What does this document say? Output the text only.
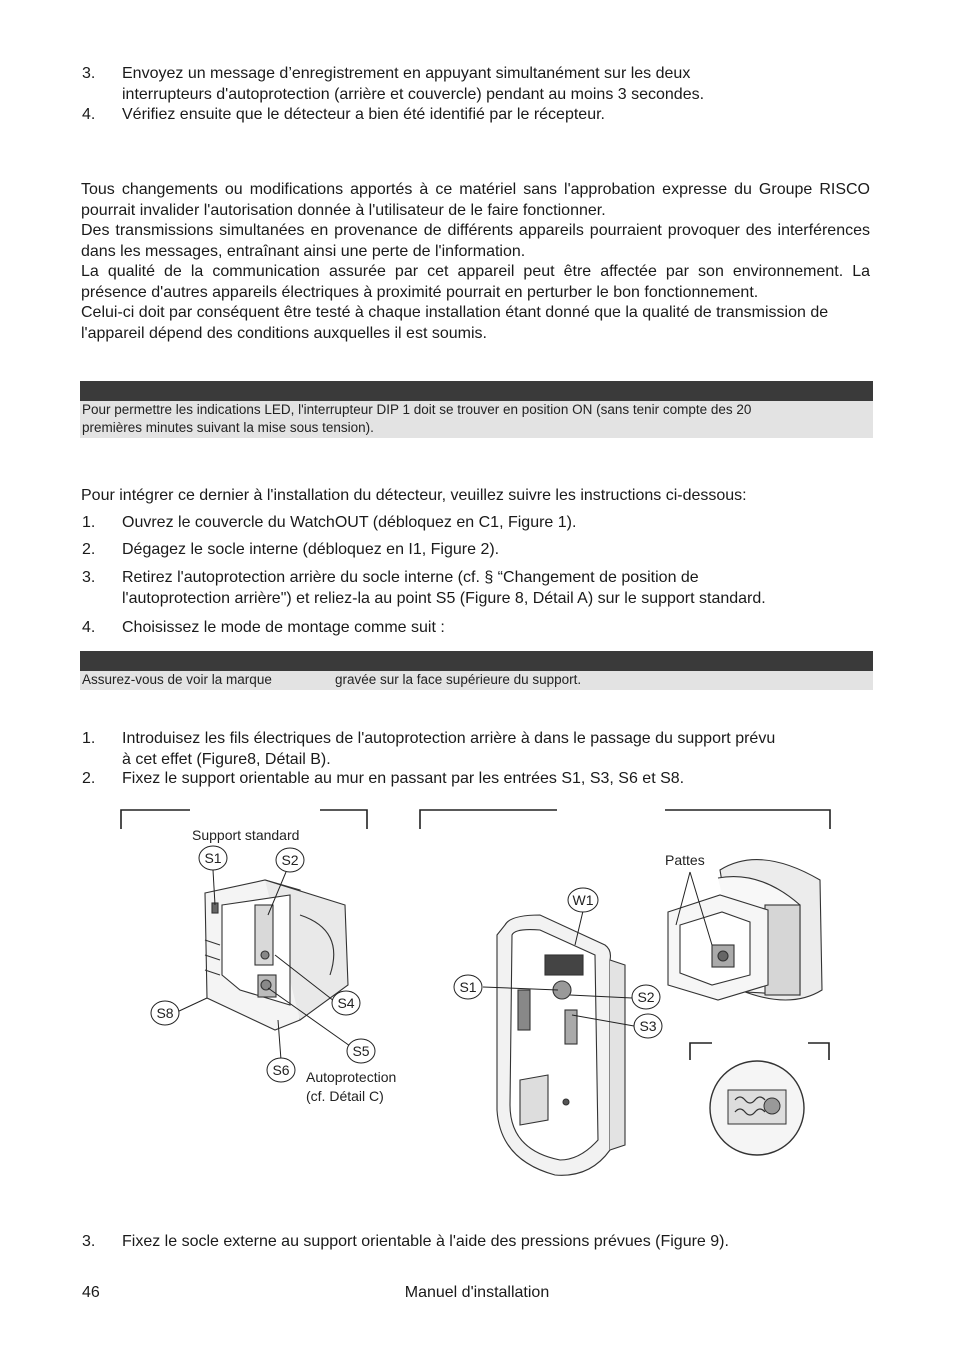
3. Envoyez un message d’enregistrement en appuyant simultanément sur les deux
interrupteurs d'autoprotection (arrière et couvercle) pendant au moins 3 secondes.
4. Vérifiez ensuite que le détecteur a bien été identifié par le récepteur.
Tous changements ou modifications apportés à ce matériel sans l'approbation expresse du Groupe RISCO pourrait invalider l'autorisation donnée à l'utilisateur de le faire fonctionner.
Des transmissions simultanées en provenance de différents appareils pourraient provoquer des interférences dans les messages, entraînant ainsi une perte de l'information.
La qualité de la communication assurée par cet appareil peut être affectée par son environnement. La présence d'autres appareils électriques à proximité pourrait en perturber le bon fonctionnement.
Celui-ci doit par conséquent être testé à chaque installation étant donné que la qualité de transmission de l'appareil dépend des conditions auxquelles il est soumis.
Pour permettre les indications LED, l'interrupteur DIP 1 doit se trouver en position ON (sans tenir compte des 20
premières minutes suivant la mise sous tension).
Pour intégrer ce dernier à l'installation du détecteur, veuillez suivre les instructions ci-dessous:
1. Ouvrez le couvercle du WatchOUT (débloquez en C1, Figure 1).
2. Dégagez le socle interne (débloquez en I1, Figure 2).
3. Retirez l'autoprotection arrière du socle interne (cf. § “Changement de position de
l'autoprotection arrière") et reliez-la au point S5 (Figure 8, Détail A) sur le support standard.
4. Choisissez le mode de montage comme suit :
Assurez-vous de voir la marque	gravée sur la face supérieure du support.
1. Introduisez les fils électriques de l'autoprotection arrière à dans le passage du support prévu
à cet effet (Figure8, Détail B).
2. Fixez le support orientable au mur en passant par les entrées S1, S3, S6 et S8.
Support standard
Pattes
Autoprotection
(cf. Détail C)
S1	S2
S8
S4
S5
S6
W1
S1
S2
S3
3. Fixez le socle externe au support orientable à l'aide des pressions prévues (Figure 9).
46	Manuel d'installation
